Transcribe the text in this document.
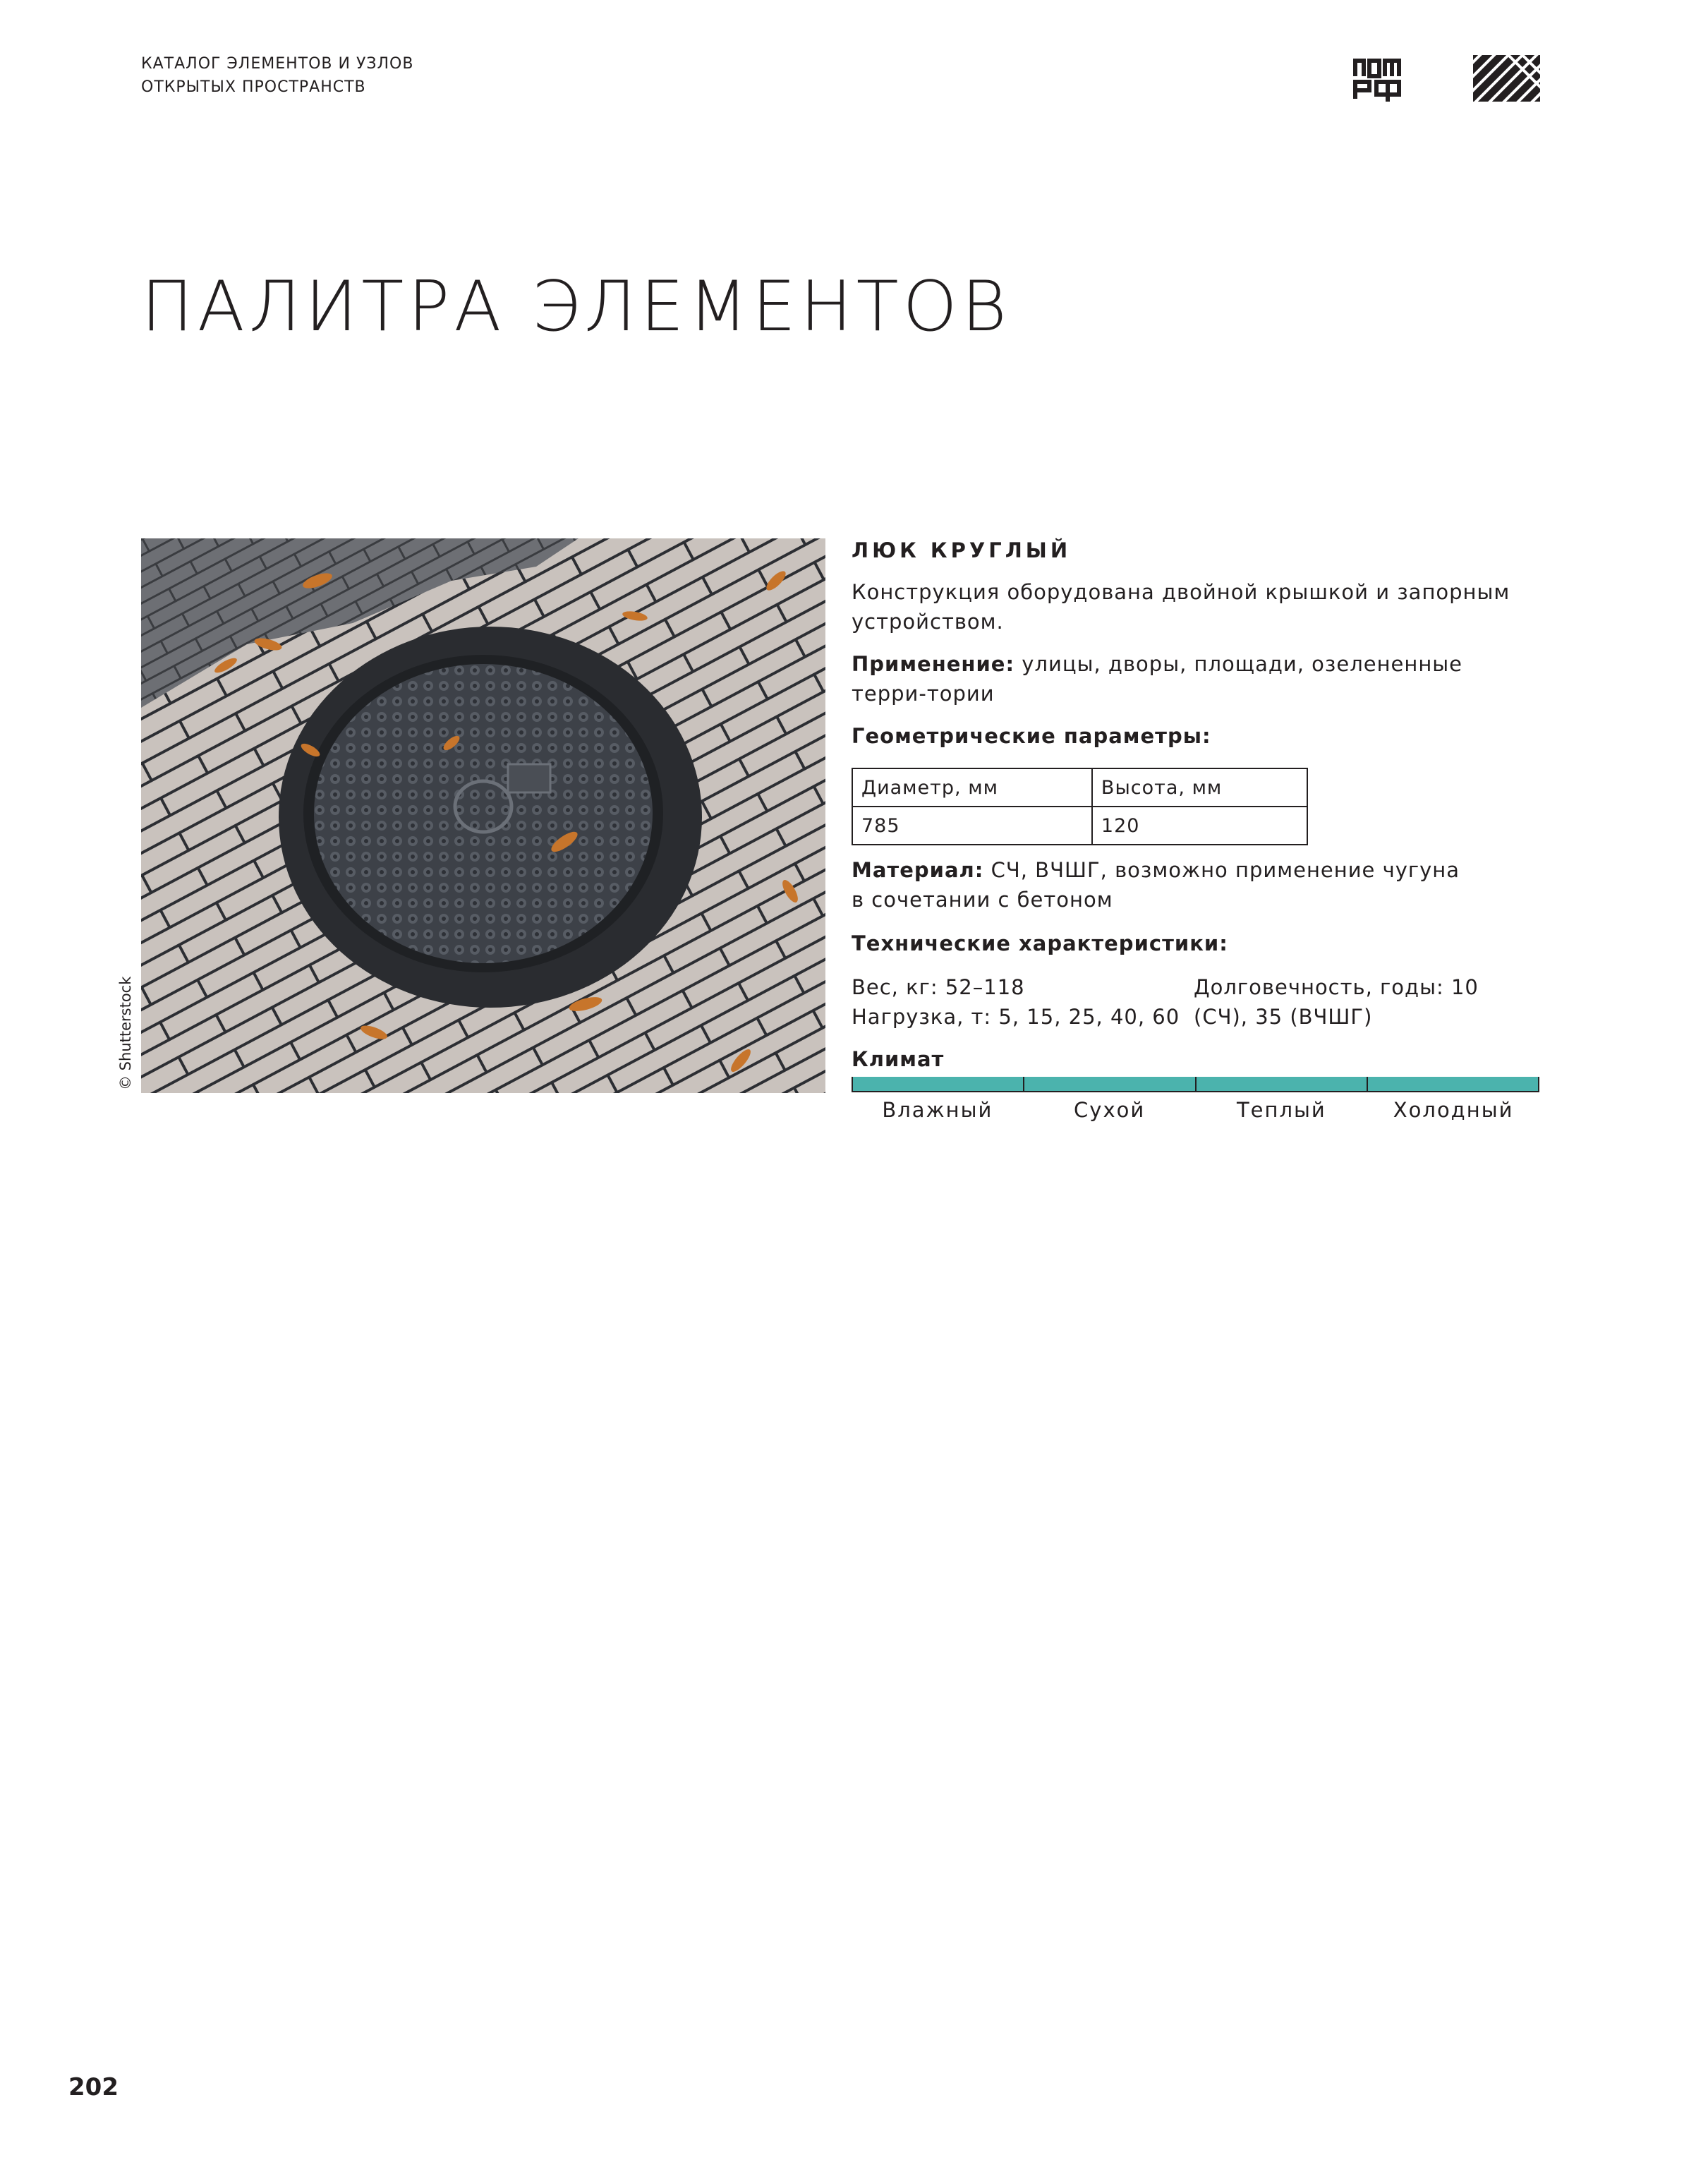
КАТАЛОГ ЭЛЕМЕНТОВ И УЗЛОВ
ОТКРЫТЫХ ПРОСТРАНСТВ
ПАЛИТРА ЭЛЕМЕНТОВ
© Shutterstock
ЛЮК КРУГЛЫЙ

Конструкция оборудована двойной крышкой и запорным устройством.

Применение: улицы, дворы, площади, озелененные терри-тории

Геометрические параметры:

Диаметр, мм	Высота, мм
785	120

Материал: СЧ, ВЧШГ, возможно применение чугуна в сочетании с бетоном

Технические характеристики:

Вес, кг: 52–118
Нагрузка, т: 5, 15, 25, 40, 60
Долговечность, годы: 10 (СЧ), 35 (ВЧШГ)

Климат

Влажный	Сухой	Теплый	Холодный
202
